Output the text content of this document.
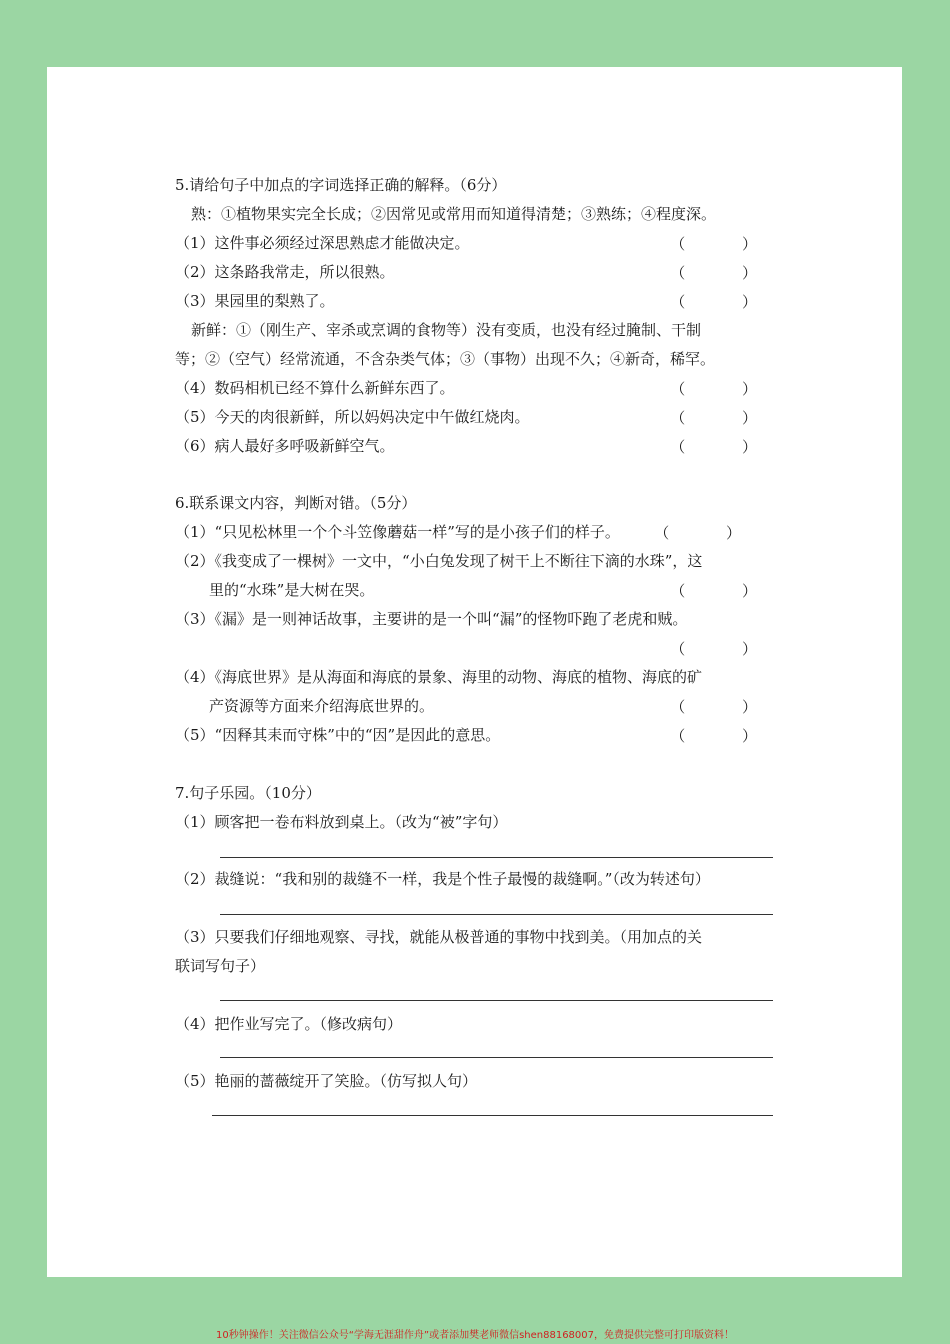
5.请给句子中加点的字词选择正确的解释。（6分）
熟：①植物果实完全长成；②因常见或常用而知道得清楚；③熟练；④程度深。
（1）这件事必须经过深思熟虑才能做决定。	（ ）
（2）这条路我常走，所以很熟。	（ ）
（3）果园里的梨熟了。	（ ）
新鲜：①（刚生产、宰杀或烹调的食物等）没有变质，也没有经过腌制、干制
等；②（空气）经常流通，不含杂类气体；③（事物）出现不久；④新奇，稀罕。
（4）数码相机已经不算什么新鲜东西了。	（ ）
（5）今天的肉很新鲜，所以妈妈决定中午做红烧肉。	（ ）
（6）病人最好多呼吸新鲜空气。	（ ）
6.联系课文内容，判断对错。（5分）
（1）“只见松林里一个个斗笠像蘑菇一样”写的是小孩子们的样子。 （ ）
（2）《我变成了一棵树》一文中，“小白兔发现了树干上不断往下滴的水珠”，这
里的“水珠”是大树在哭。	（ ）
（3）《漏》是一则神话故事，主要讲的是一个叫“漏”的怪物吓跑了老虎和贼。
（ ）
（4）《海底世界》是从海面和海底的景象、海里的动物、海底的植物、海底的矿
产资源等方面来介绍海底世界的。	（ ）
（5）“因释其耒而守株”中的“因”是因此的意思。	（ ）
7.句子乐园。（10分）
（1）顾客把一卷布料放到桌上。（改为“被”字句）
（2）裁缝说：“我和别的裁缝不一样，我是个性子最慢的裁缝啊。”（改为转述句）
（3）只要我们仔细地观察、寻找，就能从极普通的事物中找到美。（用加点的关
联词写句子）
（4）把作业写完了。（修改病句）
（5）艳丽的蔷薇绽开了笑脸。（仿写拟人句）
10秒钟操作！关注微信公众号“学海无涯甜作舟”或者添加樊老师微信shen88168007，免费提供完整可打印版资料！
